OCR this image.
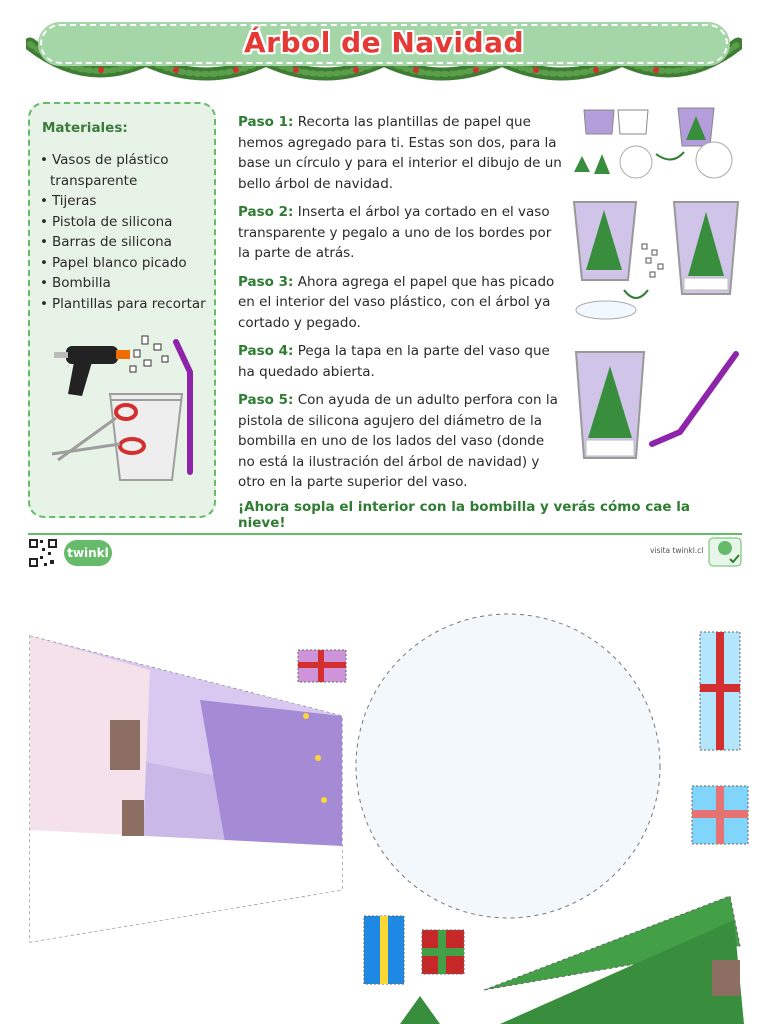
Árbol de Navidad
Materiales:
• Vasos de plástico transparente
• Tijeras
• Pistola de silicona
• Barras de silicona
• Papel blanco picado
• Bombilla
• Plantillas para recortar

Paso 1: Recorta las plantillas de papel que hemos agregado para ti. Estas son dos, para la base un círculo y para el interior el dibujo de un bello árbol de navidad.

Paso 2: Inserta el árbol ya cortado en el vaso transparente y pegalo a uno de los bordes por la parte de atrás.

Paso 3: Ahora agrega el papel que has picado en el interior del vaso plástico, con el árbol ya cortado y pegado.

Paso 4: Pega la tapa en la parte del vaso que ha quedado abierta.

Paso 5: Con ayuda de un adulto perfora con la pistola de silicona agujero del diámetro de la bombilla en uno de los lados del vaso (donde no está la ilustración del árbol de navidad) y otro en la parte superior del vaso.

¡Ahora sopla el interior con la bombilla y verás cómo cae la nieve!
twinkl	visita twinkl.cl
